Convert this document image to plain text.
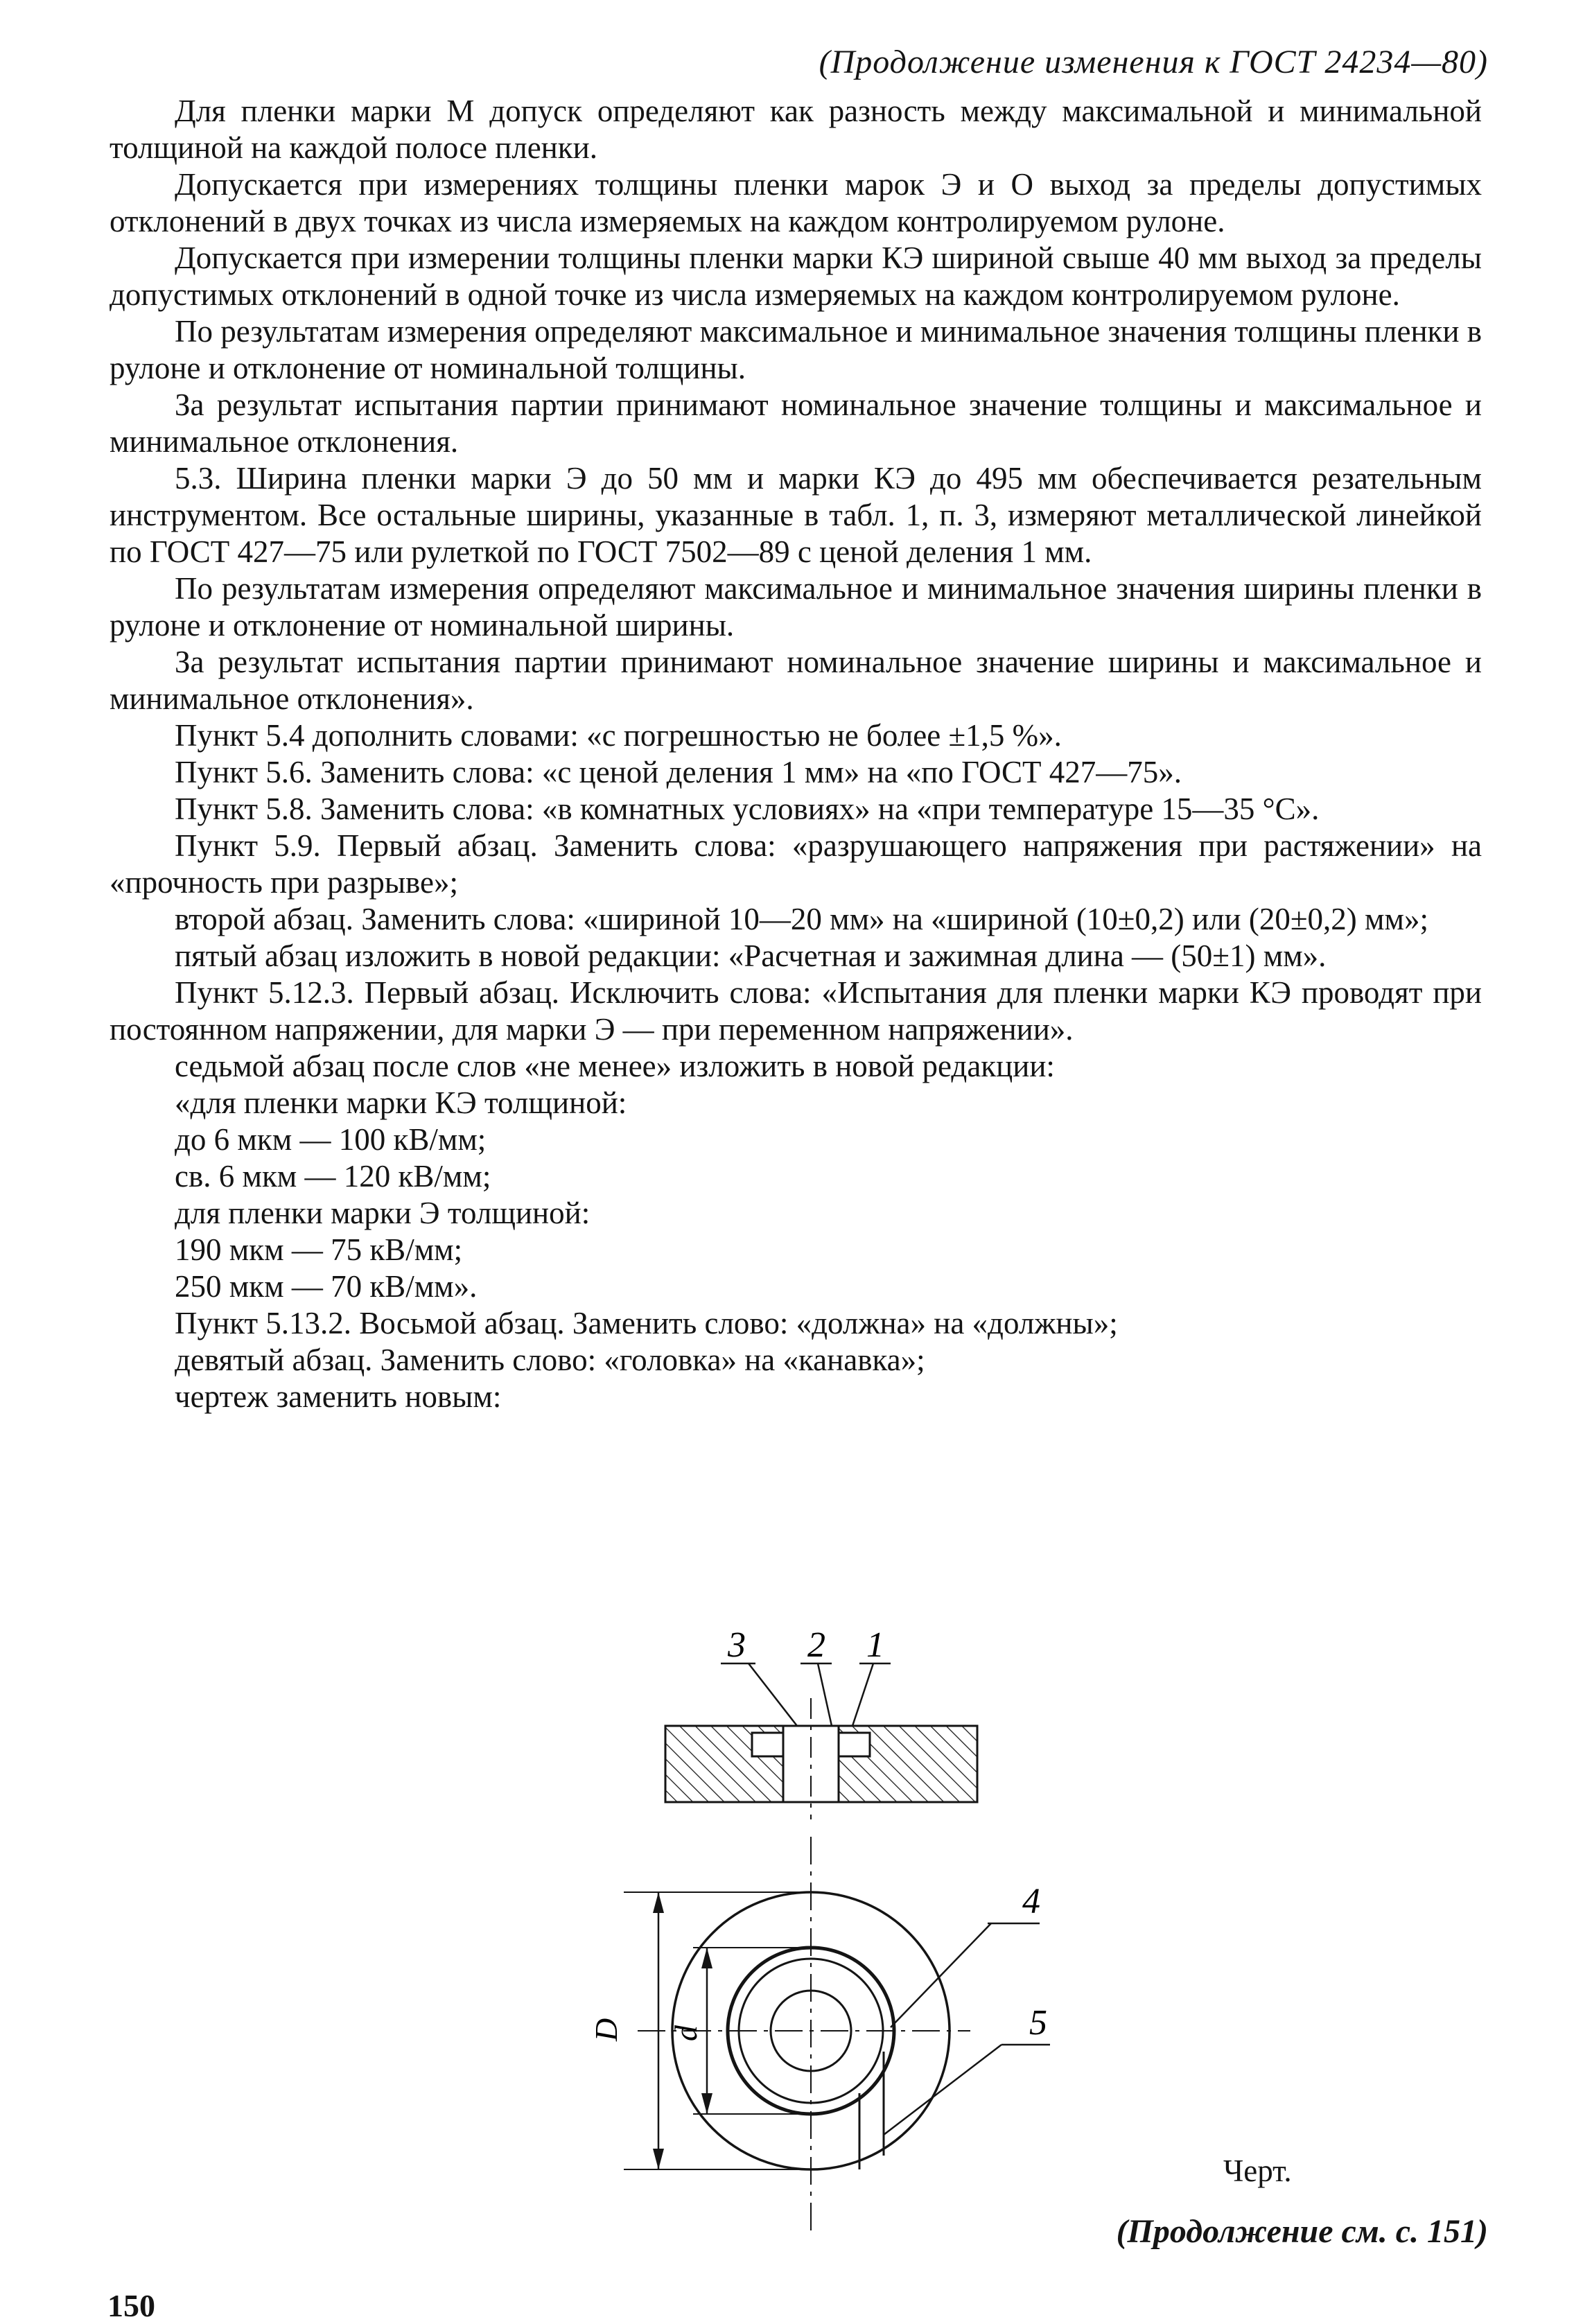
(Продолжение изменения к ГОСТ 24234—80)

Для пленки марки М допуск определяют как разность между максимальной и минимальной толщиной на каждой полосе пленки.

Допускается при измерениях толщины пленки марок Э и О выход за пределы допустимых отклонений в двух точках из числа измеряемых на каждом контролируемом рулоне.

Допускается при измерении толщины пленки марки КЭ шириной свыше 40 мм выход за пределы допустимых отклонений в одной точке из числа измеряемых на каждом контролируемом рулоне.

По результатам измерения определяют максимальное и минимальное значения толщины пленки в рулоне и отклонение от номинальной толщины.

За результат испытания партии принимают номинальное значение толщины и максимальное и минимальное отклонения.

5.3. Ширина пленки марки Э до 50 мм и марки КЭ до 495 мм обеспечивается резательным инструментом. Все остальные ширины, указанные в табл. 1, п. 3, измеряют металлической линейкой по ГОСТ 427—75 или рулеткой по ГОСТ 7502—89 с ценой деления 1 мм.

По результатам измерения определяют максимальное и минимальное значения ширины пленки в рулоне и отклонение от номинальной ширины.

За результат испытания партии принимают номинальное значение ширины и максимальное и минимальное отклонения».

Пункт 5.4 дополнить словами: «с погрешностью не более ±1,5 %».

Пункт 5.6. Заменить слова: «с ценой деления 1 мм» на «по ГОСТ 427—75».

Пункт 5.8. Заменить слова: «в комнатных условиях» на «при температуре 15—35 °С».

Пункт 5.9. Первый абзац. Заменить слова: «разрушающего напряжения при растяжении» на «прочность при разрыве»;

второй абзац. Заменить слова: «шириной 10—20 мм» на «шириной (10±0,2) или (20±0,2) мм»;

пятый абзац изложить в новой редакции: «Расчетная и зажимная длина — (50±1) мм».

Пункт 5.12.3. Первый абзац. Исключить слова: «Испытания для пленки марки КЭ проводят при постоянном напряжении, для марки Э — при переменном напряжении».

седьмой абзац после слов «не менее» изложить в новой редакции:

«для пленки марки КЭ толщиной:

до 6 мкм — 100 кВ/мм;

св. 6 мкм — 120 кВ/мм;

для пленки марки Э толщиной:

190 мкм — 75 кВ/мм;

250 мкм — 70 кВ/мм».

Пункт 5.13.2. Восьмой абзац. Заменить слово: «должна» на «должны»;

девятый абзац. Заменить слово: «головка» на «канавка»;

чертеж заменить новым:

3 2 1
D d
4
5
Черт.
(Продолжение см. с. 151)
150
